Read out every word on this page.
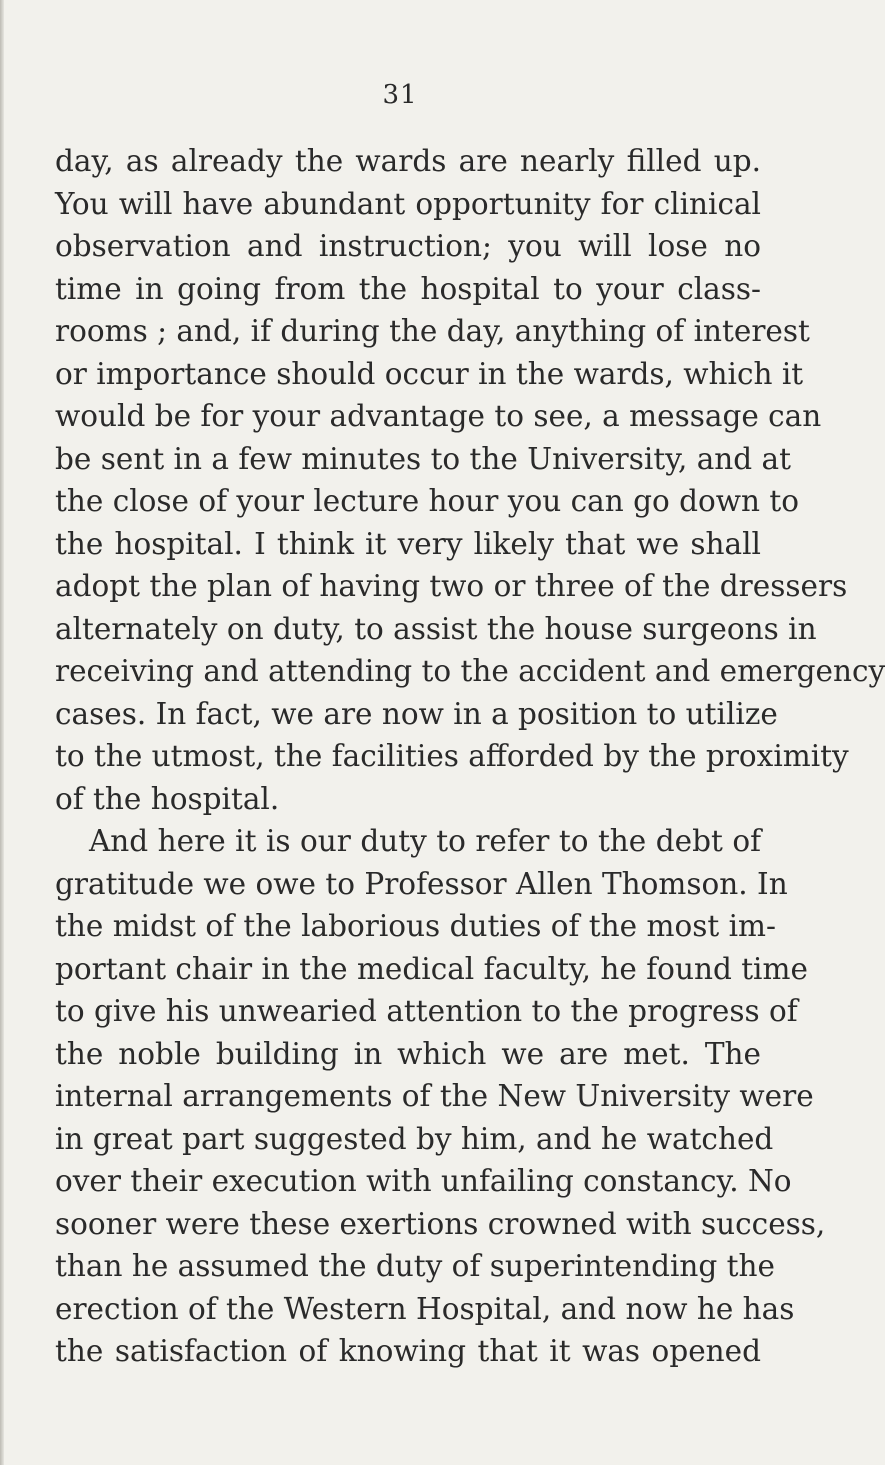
31
day, as already the wards are nearly filled up.
You will have abundant opportunity for clinical
observation and instruction; you will lose no
time in going from the hospital to your class-
rooms ; and, if during the day, anything of interest
or importance should occur in the wards, which it
would be for your advantage to see, a message can
be sent in a few minutes to the University, and at
the close of your lecture hour you can go down to
the hospital. I think it very likely that we shall
adopt the plan of having two or three of the dressers
alternately on duty, to assist the house surgeons in
receiving and attending to the accident and emergency
cases. In fact, we are now in a position to utilize
to the utmost, the facilities afforded by the proximity
of the hospital.
And here it is our duty to refer to the debt of
gratitude we owe to Professor Allen Thomson. In
the midst of the laborious duties of the most im-
portant chair in the medical faculty, he found time
to give his unwearied attention to the progress of
the noble building in which we are met. The
internal arrangements of the New University were
in great part suggested by him, and he watched
over their execution with unfailing constancy. No
sooner were these exertions crowned with success,
than he assumed the duty of superintending the
erection of the Western Hospital, and now he has
the satisfaction of knowing that it was opened
